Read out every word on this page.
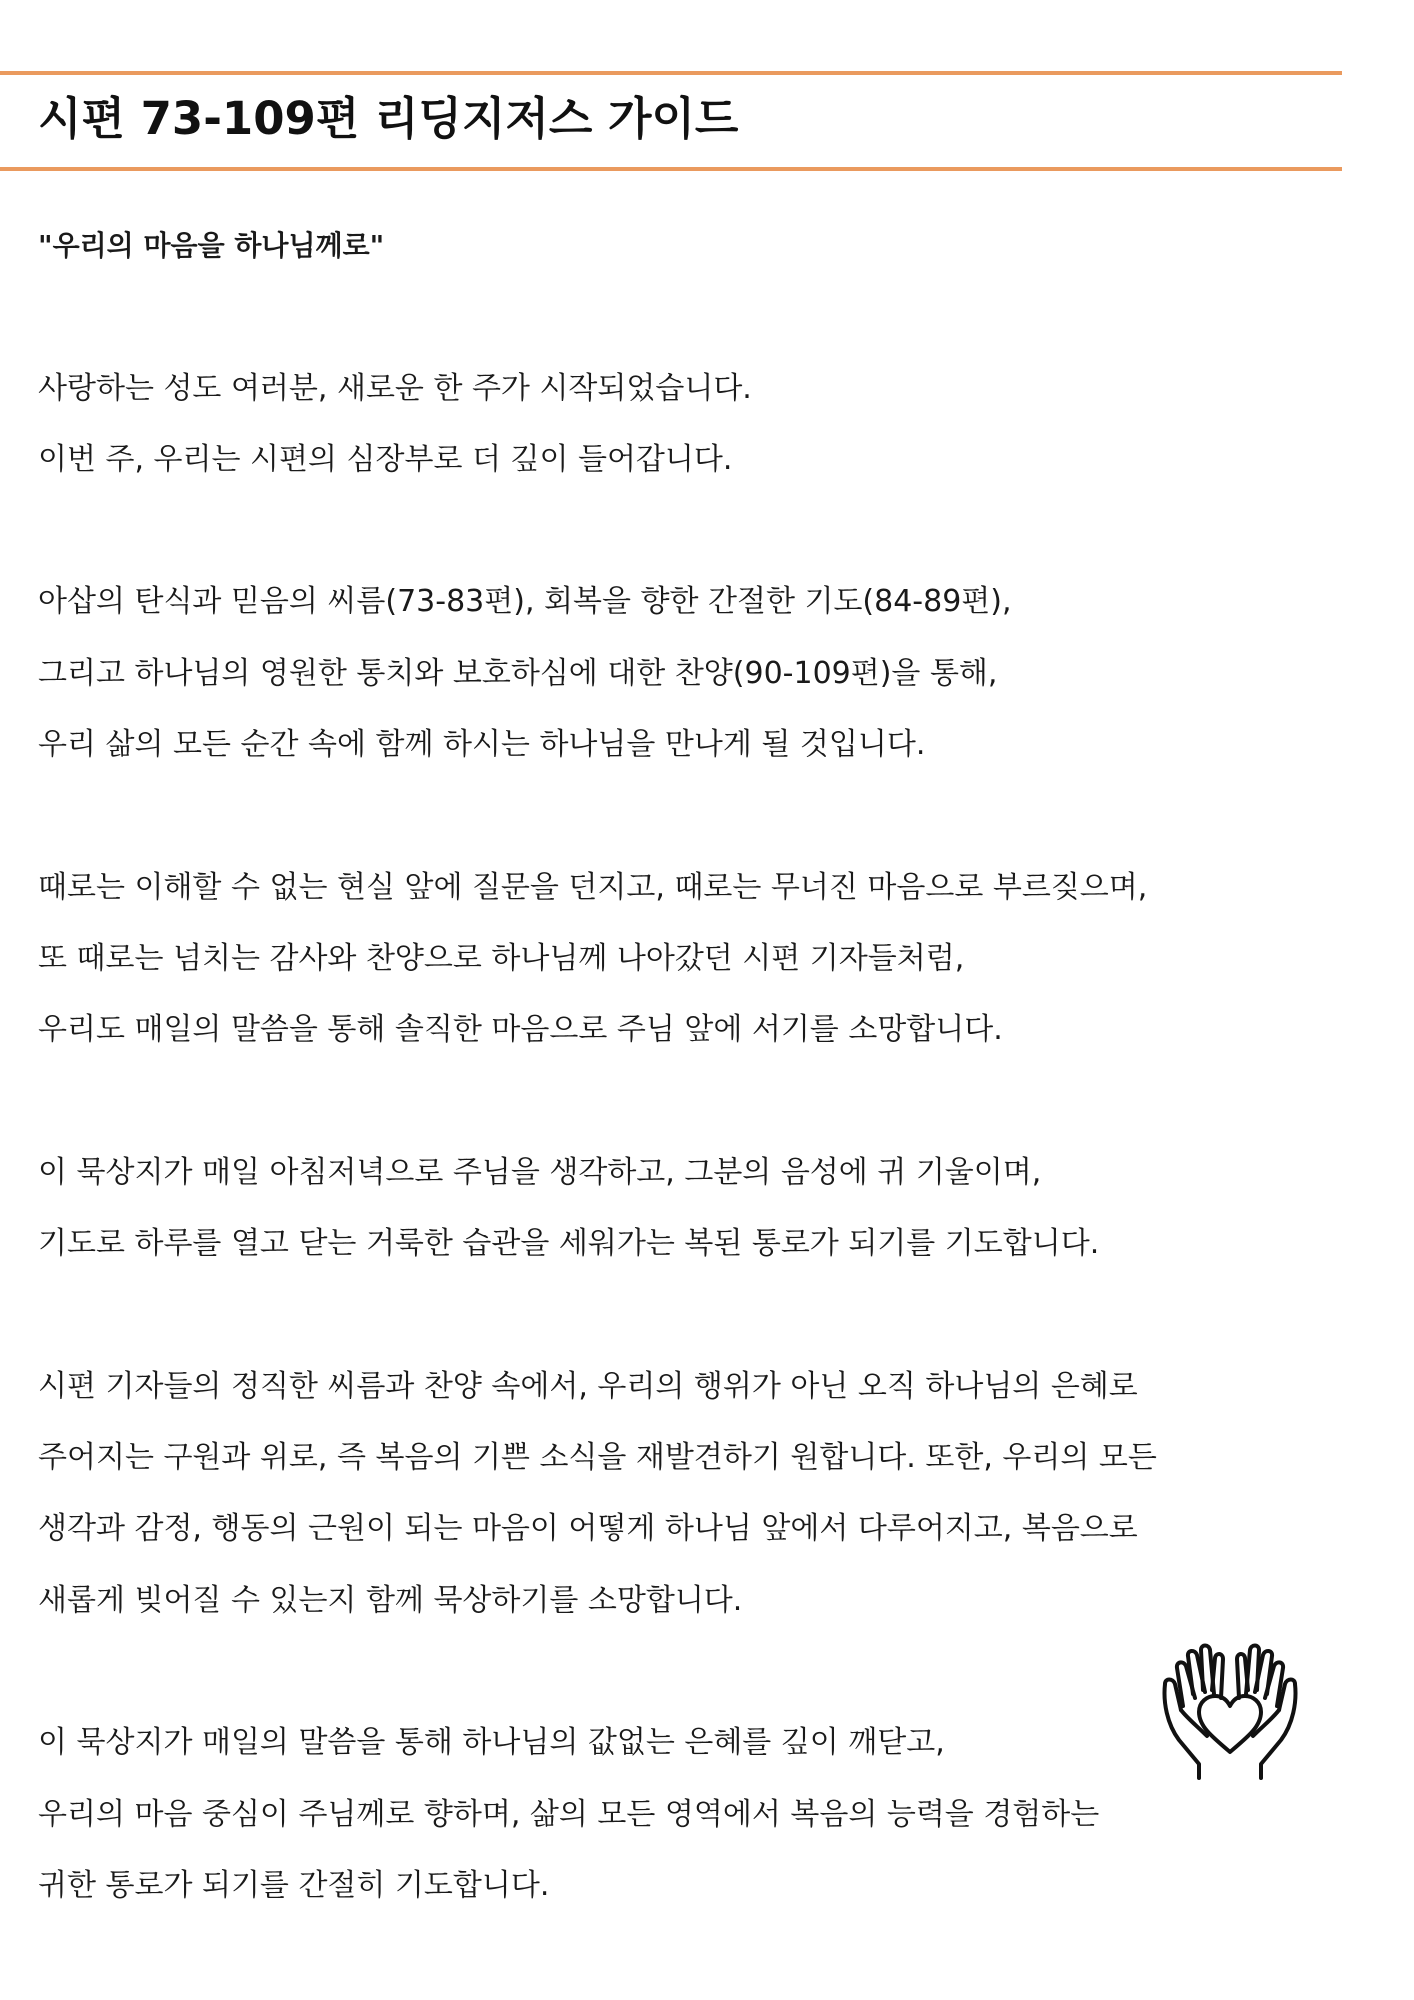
시편 73-109편 리딩지저스 가이드

"우리의 마음을 하나님께로"

사랑하는 성도 여러분, 새로운 한 주가 시작되었습니다.

이번 주, 우리는 시편의 심장부로 더 깊이 들어갑니다.

아삽의 탄식과 믿음의 씨름(73-83편), 회복을 향한 간절한 기도(84-89편),

그리고 하나님의 영원한 통치와 보호하심에 대한 찬양(90-109편)을 통해,

우리 삶의 모든 순간 속에 함께 하시는 하나님을 만나게 될 것입니다.

때로는 이해할 수 없는 현실 앞에 질문을 던지고, 때로는 무너진 마음으로 부르짖으며,

또 때로는 넘치는 감사와 찬양으로 하나님께 나아갔던 시편 기자들처럼,

우리도 매일의 말씀을 통해 솔직한 마음으로 주님 앞에 서기를 소망합니다.

이 묵상지가 매일 아침저녁으로 주님을 생각하고, 그분의 음성에 귀 기울이며,

기도로 하루를 열고 닫는 거룩한 습관을 세워가는 복된 통로가 되기를 기도합니다.

시편 기자들의 정직한 씨름과 찬양 속에서, 우리의 행위가 아닌 오직 하나님의 은혜로

주어지는 구원과 위로, 즉 복음의 기쁜 소식을 재발견하기 원합니다. 또한, 우리의 모든

생각과 감정, 행동의 근원이 되는 마음이 어떻게 하나님 앞에서 다루어지고, 복음으로

새롭게 빚어질 수 있는지 함께 묵상하기를 소망합니다.

이 묵상지가 매일의 말씀을 통해 하나님의 값없는 은혜를 깊이 깨닫고,

우리의 마음 중심이 주님께로 향하며, 삶의 모든 영역에서 복음의 능력을 경험하는

귀한 통로가 되기를 간절히 기도합니다.
